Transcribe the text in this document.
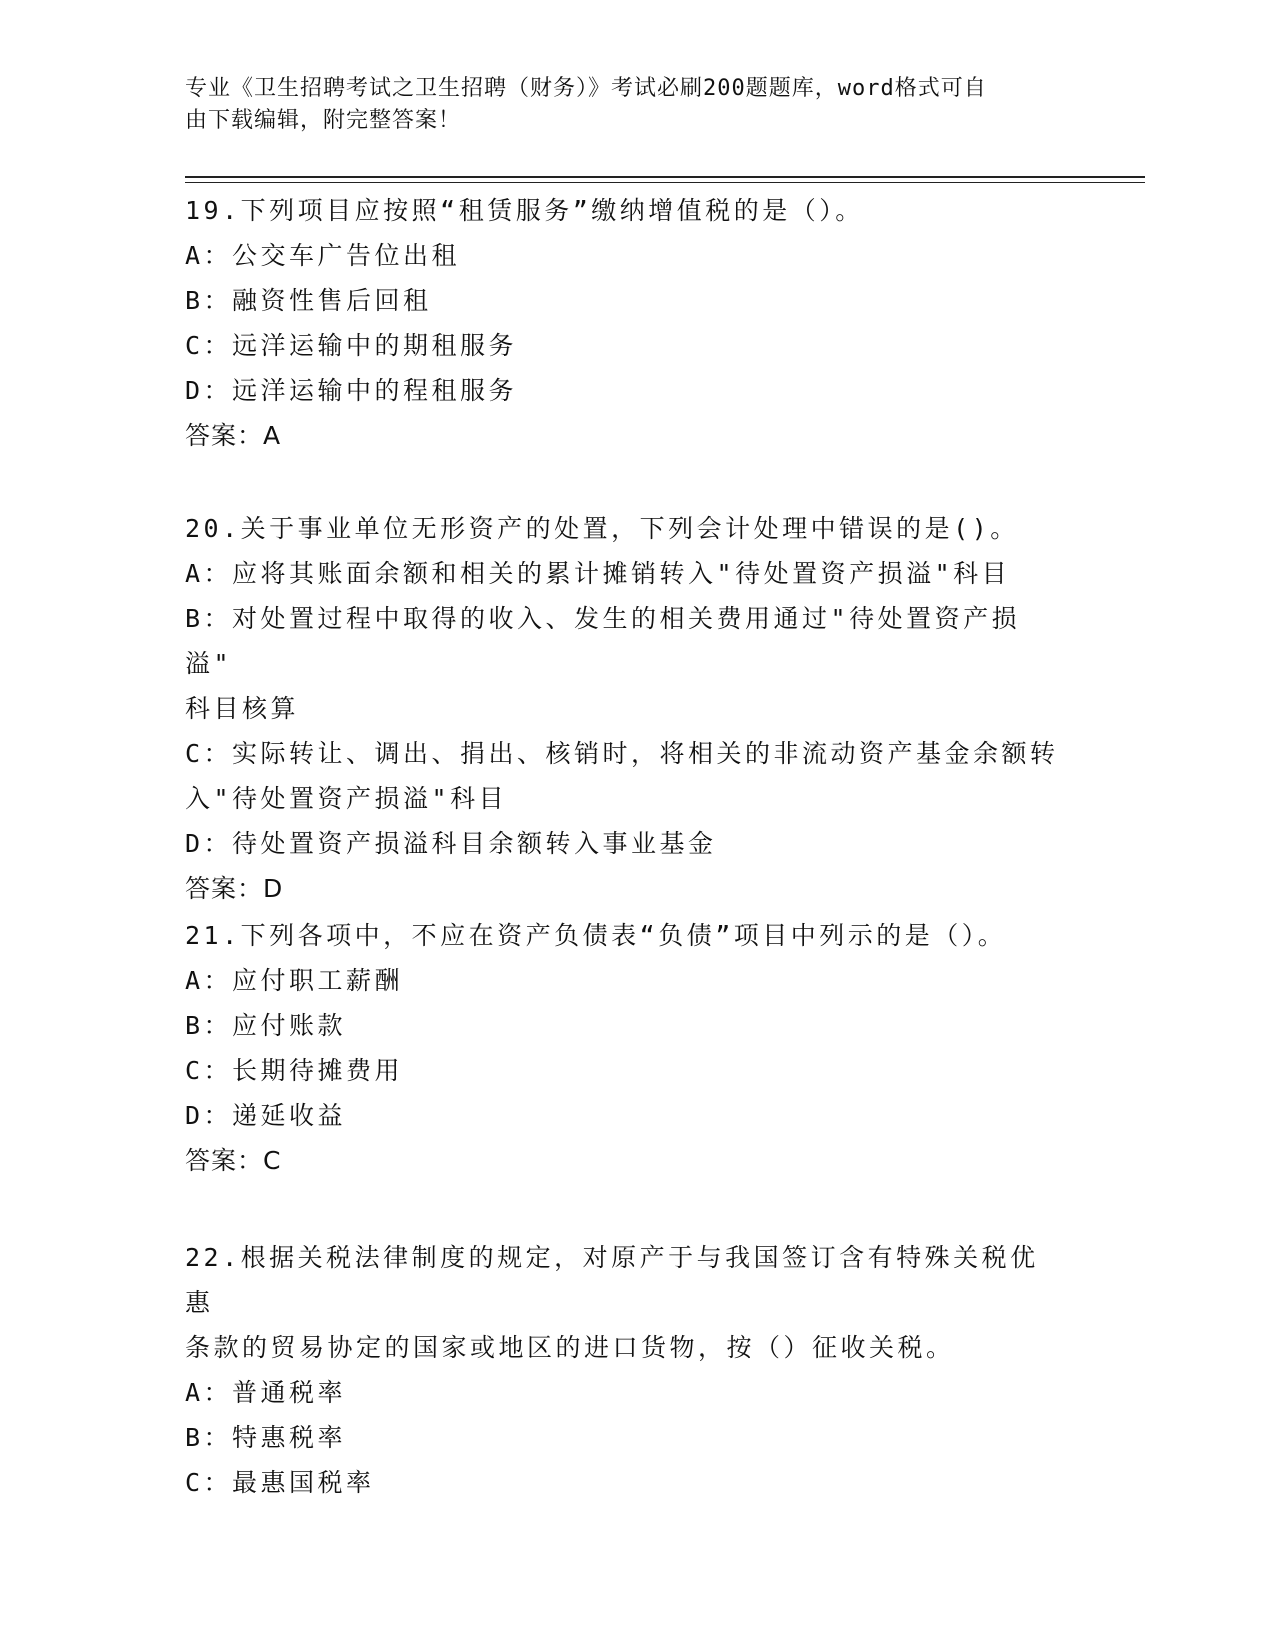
专业《卫生招聘考试之卫生招聘（财务）》考试必刷200题题库，word格式可自
由下载编辑，附完整答案！
19.下列项目应按照“租赁服务”缴纳增值税的是（）。
A：公交车广告位出租
B：融资性售后回租
C：远洋运输中的期租服务
D：远洋运输中的程租服务
答案：A
20.关于事业单位无形资产的处置，下列会计处理中错误的是()。
A：应将其账面余额和相关的累计摊销转入"待处置资产损溢"科目
B：对处置过程中取得的收入、发生的相关费用通过"待处置资产损溢"
科目核算
C：实际转让、调出、捐出、核销时，将相关的非流动资产基金余额转
入"待处置资产损溢"科目
D：待处置资产损溢科目余额转入事业基金
答案：D
21.下列各项中，不应在资产负债表“负债”项目中列示的是（）。
A：应付职工薪酬
B：应付账款
C：长期待摊费用
D：递延收益
答案：C
22.根据关税法律制度的规定，对原产于与我国签订含有特殊关税优惠
条款的贸易协定的国家或地区的进口货物，按（）征收关税。
A：普通税率
B：特惠税率
C：最惠国税率
